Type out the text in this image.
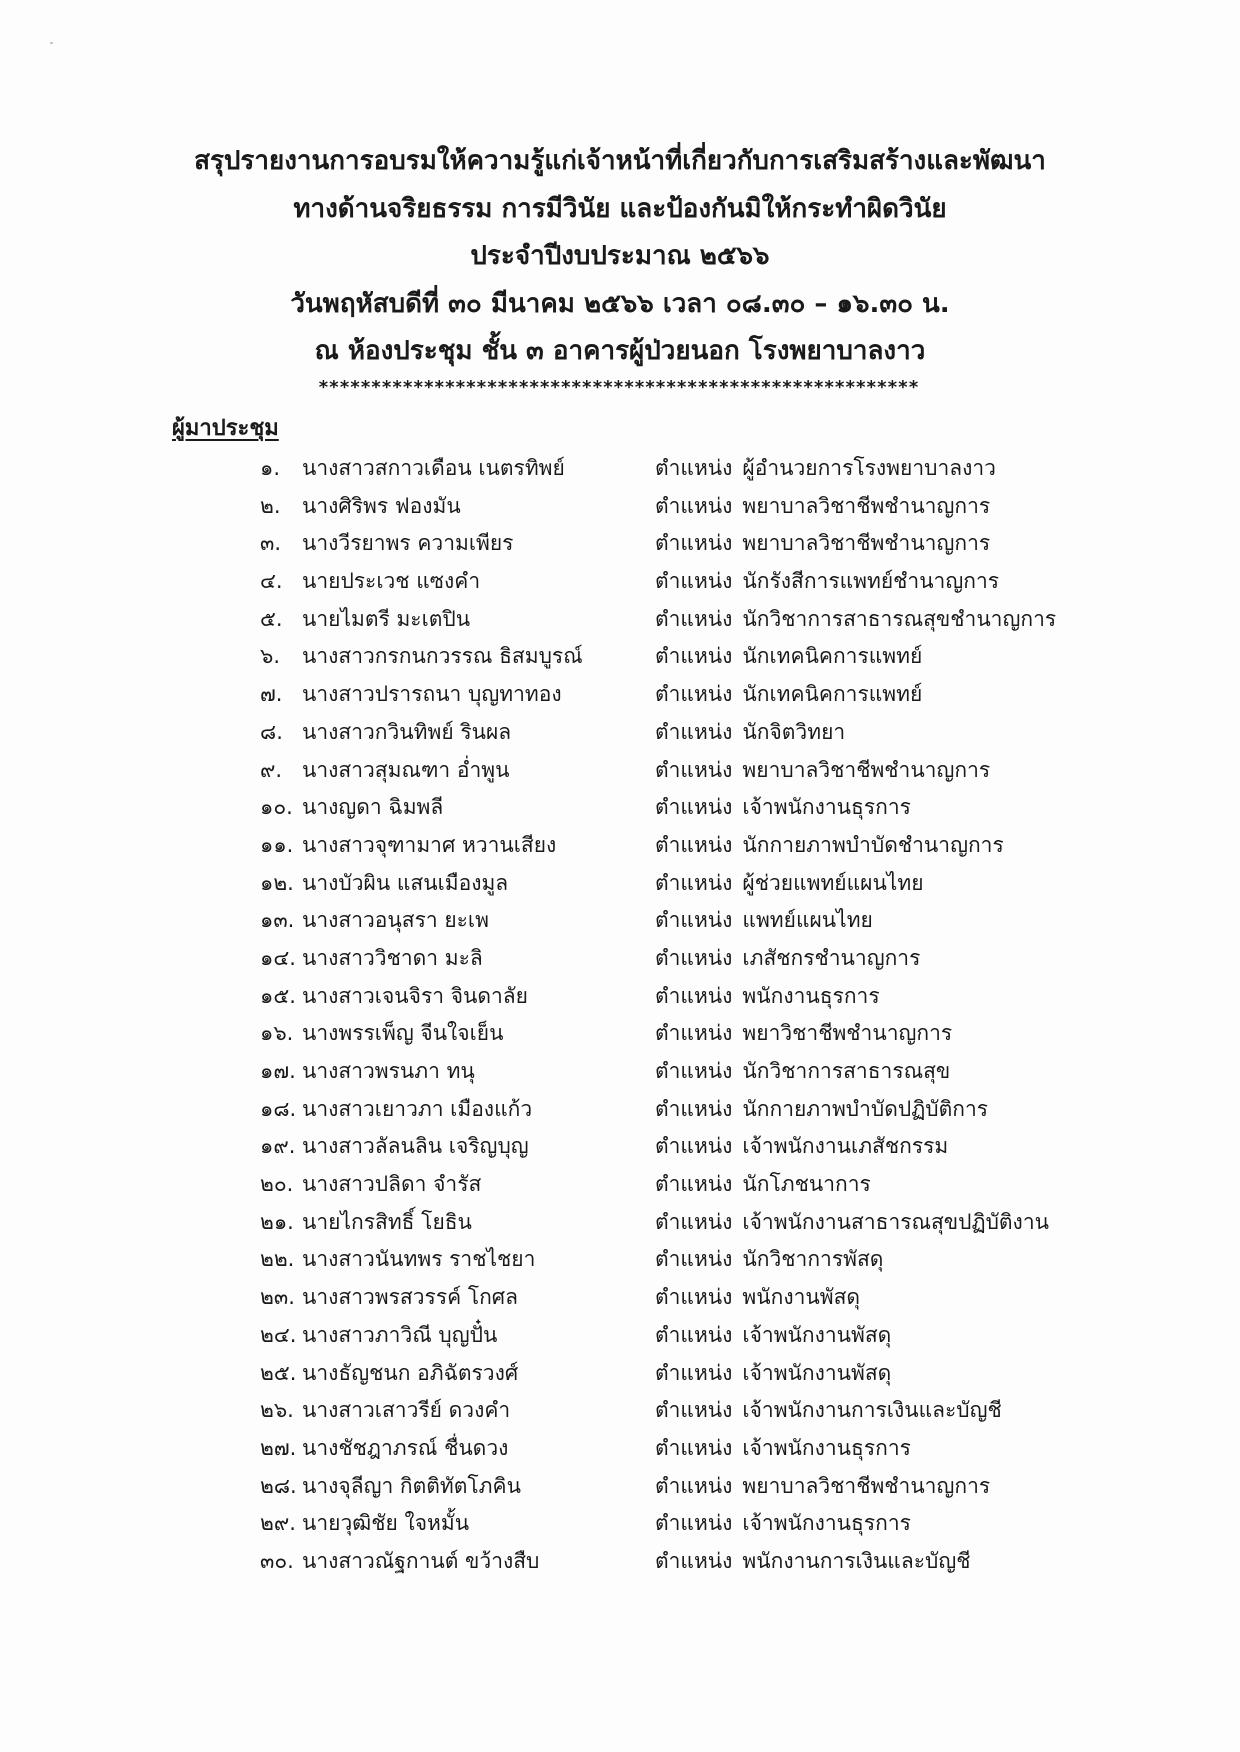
สรุปรายงานการอบรมให้ความรู้แก่เจ้าหน้าที่เกี่ยวกับการเสริมสร้างและพัฒนา
ทางด้านจริยธรรม การมีวินัย และป้องกันมิให้กระทำผิดวินัย
ประจำปีงบประมาณ ๒๕๖๖
วันพฤหัสบดีที่ ๓๐ มีนาคม ๒๕๖๖ เวลา ๐๘.๓๐ – ๑๖.๓๐ น.
ณ ห้องประชุม ชั้น ๓ อาคารผู้ป่วยนอก โรงพยาบาลงาว
*********************************************************
ผู้มาประชุม
๑. นางสาวสกาวเดือน เนตรทิพย์	ตำแหน่ง ผู้อำนวยการโรงพยาบาลงาว
๒. นางศิริพร ฟองมัน	ตำแหน่ง พยาบาลวิชาชีพชำนาญการ
๓. นางวีรยาพร ความเพียร	ตำแหน่ง พยาบาลวิชาชีพชำนาญการ
๔. นายประเวช แซงคำ	ตำแหน่ง นักรังสีการแพทย์ชำนาญการ
๕. นายไมตรี มะเตปิน	ตำแหน่ง นักวิชาการสาธารณสุขชำนาญการ
๖. นางสาวกรกนกวรรณ ธิสมบูรณ์	ตำแหน่ง นักเทคนิคการแพทย์
๗. นางสาวปรารถนา บุญทาทอง	ตำแหน่ง นักเทคนิคการแพทย์
๘. นางสาวกวินทิพย์ รินผล	ตำแหน่ง นักจิตวิทยา
๙. นางสาวสุมณฑา อ่ำพูน	ตำแหน่ง พยาบาลวิชาชีพชำนาญการ
๑๐. นางญดา ฉิมพลี	ตำแหน่ง เจ้าพนักงานธุรการ
๑๑. นางสาวจุฑามาศ หวานเสียง	ตำแหน่ง นักกายภาพบำบัดชำนาญการ
๑๒. นางบัวผิน แสนเมืองมูล	ตำแหน่ง ผู้ช่วยแพทย์แผนไทย
๑๓. นางสาวอนุสรา ยะเพ	ตำแหน่ง แพทย์แผนไทย
๑๔. นางสาววิชาดา มะลิ	ตำแหน่ง เภสัชกรชำนาญการ
๑๕. นางสาวเจนจิรา จินดาลัย	ตำแหน่ง พนักงานธุรการ
๑๖. นางพรรเพ็ญ จีนใจเย็น	ตำแหน่ง พยาวิชาชีพชำนาญการ
๑๗. นางสาวพรนภา ทนุ	ตำแหน่ง นักวิชาการสาธารณสุข
๑๘. นางสาวเยาวภา เมืองแก้ว	ตำแหน่ง นักกายภาพบำบัดปฏิบัติการ
๑๙. นางสาวลัลนลิน เจริญบุญ	ตำแหน่ง เจ้าพนักงานเภสัชกรรม
๒๐. นางสาวปลิดา จำรัส	ตำแหน่ง นักโภชนาการ
๒๑. นายไกรสิทธิ์ โยธิน	ตำแหน่ง เจ้าพนักงานสาธารณสุขปฏิบัติงาน
๒๒. นางสาวนันทพร ราชไชยา	ตำแหน่ง นักวิชาการพัสดุ
๒๓. นางสาวพรสวรรค์ โกศล	ตำแหน่ง พนักงานพัสดุ
๒๔. นางสาวภาวิณี บุญปั๋น	ตำแหน่ง เจ้าพนักงานพัสดุ
๒๕. นางธัญชนก อภิฉัตรวงศ์	ตำแหน่ง เจ้าพนักงานพัสดุ
๒๖. นางสาวเสาวรีย์ ดวงคำ	ตำแหน่ง เจ้าพนักงานการเงินและบัญชี
๒๗. นางชัชฎาภรณ์ ชื่นดวง	ตำแหน่ง เจ้าพนักงานธุรการ
๒๘. นางจุลีญา กิตติทัตโภคิน	ตำแหน่ง พยาบาลวิชาชีพชำนาญการ
๒๙. นายวุฒิชัย ใจหมั้น	ตำแหน่ง เจ้าพนักงานธุรการ
๓๐. นางสาวณัฐกานต์ ขว้างสืบ	ตำแหน่ง พนักงานการเงินและบัญชี
